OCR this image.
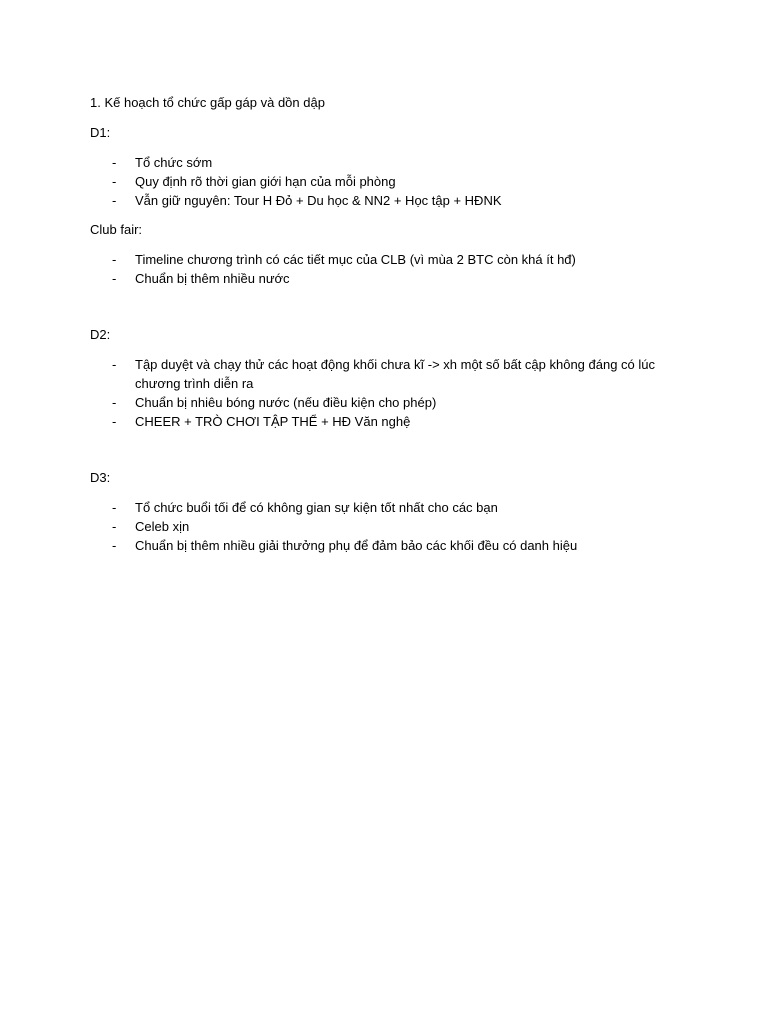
1. Kế hoạch tổ chức gấp gáp và dồn dập
D1:
- Tổ chức sớm
- Quy định rõ thời gian giới hạn của mỗi phòng
- Vẫn giữ nguyên: Tour H Đỏ + Du học & NN2 + Học tập + HĐNK
Club fair:
- Timeline chương trình có các tiết mục của CLB (vì mùa 2 BTC còn khá ít hđ)
- Chuẩn bị thêm nhiều nước
D2:
- Tập duyệt và chạy thử các hoạt động khối chưa kĩ -> xh một số bất cập không đáng có lúc chương trình diễn ra
- Chuẩn bị nhiêu bóng nước (nếu điều kiện cho phép)
- CHEER + TRÒ CHƠI TẬP THỂ + HĐ Văn nghệ
D3:
- Tổ chức buổi tối để có không gian sự kiện tốt nhất cho các bạn
- Celeb xịn
- Chuẩn bị thêm nhiều giải thưởng phụ để đảm bảo các khối đều có danh hiệu
